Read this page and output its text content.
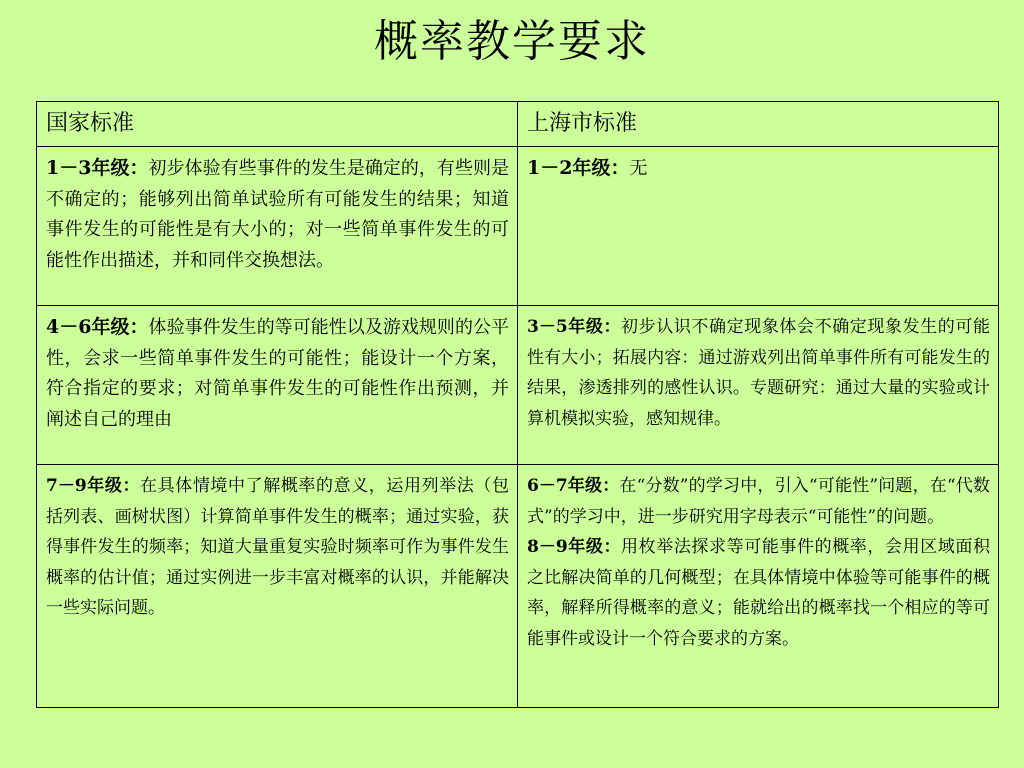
概率教学要求
国家标准	上海市标准

1－3年级：初步体验有些事件的发生是确定的，有些则是不确定的；能够列出简单试验所有可能发生的结果；知道事件发生的可能性是有大小的；对一些简单事件发生的可能性作出描述，并和同伴交换想法。	1－2年级：无

4－6年级：体验事件发生的等可能性以及游戏规则的公平性，会求一些简单事件发生的可能性；能设计一个方案，符合指定的要求；对简单事件发生的可能性作出预测，并阐述自己的理由	3－5年级：初步认识不确定现象体会不确定现象发生的可能性有大小；拓展内容：通过游戏列出简单事件所有可能发生的结果，渗透排列的感性认识。专题研究：通过大量的实验或计算机模拟实验，感知规律。

7－9年级：在具体情境中了解概率的意义，运用列举法（包括列表、画树状图）计算简单事件发生的概率；通过实验，获得事件发生的频率；知道大量重复实验时频率可作为事件发生概率的估计值；通过实例进一步丰富对概率的认识，并能解决一些实际问题。	6－7年级：在“分数”的学习中，引入“可能性”问题，在“代数式”的学习中，进一步研究用字母表示“可能性”的问题。
8－9年级：用枚举法探求等可能事件的概率，会用区域面积之比解决简单的几何概型；在具体情境中体验等可能事件的概率，解释所得概率的意义；能就给出的概率找一个相应的等可能事件或设计一个符合要求的方案。
